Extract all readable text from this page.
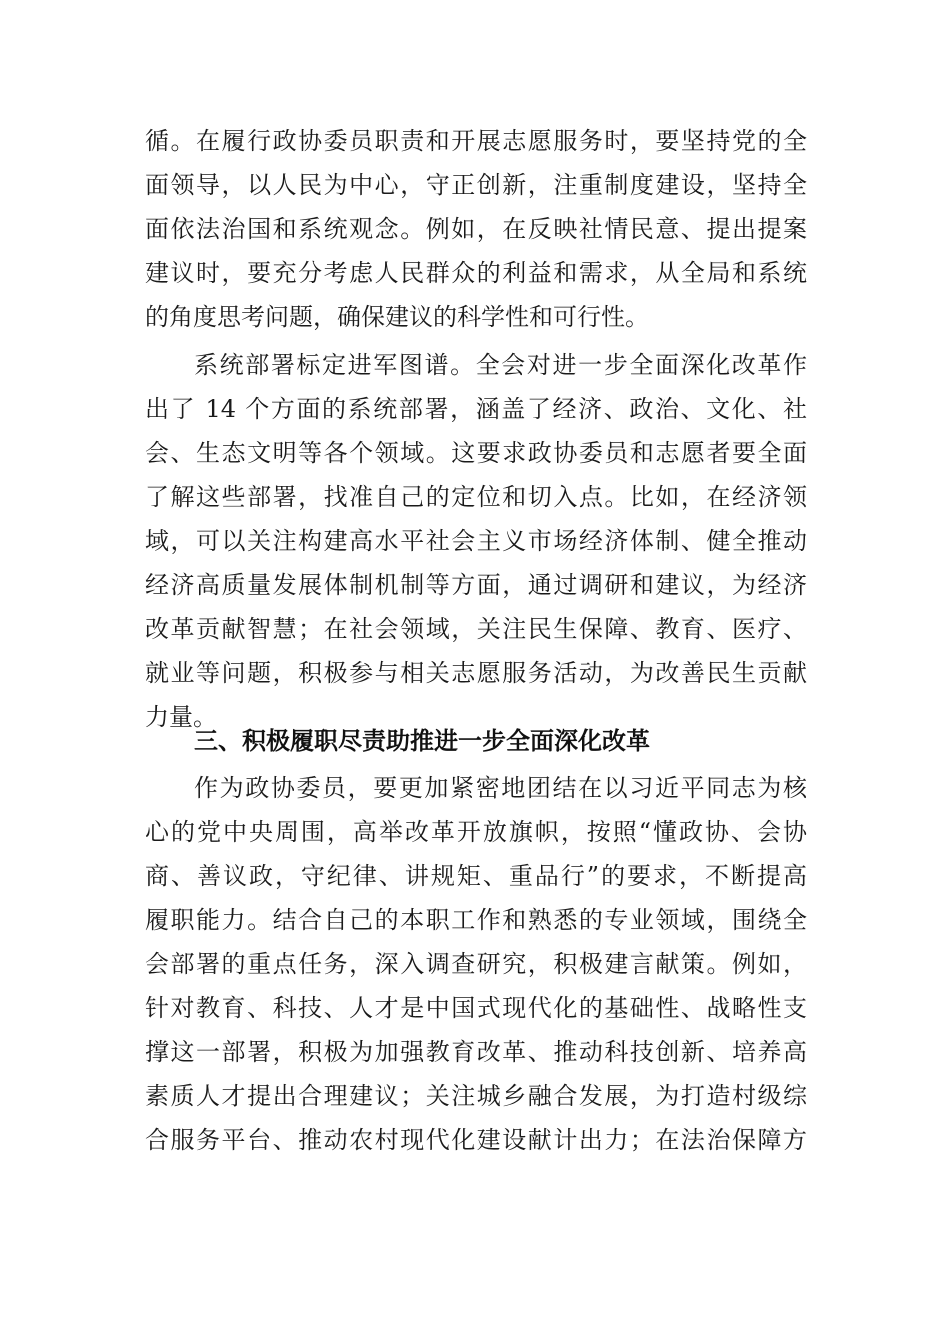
循。在履行政协委员职责和开展志愿服务时，要坚持党的全
面领导，以人民为中心，守正创新，注重制度建设，坚持全
面依法治国和系统观念。例如，在反映社情民意、提出提案
建议时，要充分考虑人民群众的利益和需求，从全局和系统
的角度思考问题，确保建议的科学性和可行性。
系统部署标定进军图谱。全会对进一步全面深化改革作
出了 14 个方面的系统部署，涵盖了经济、政治、文化、社
会、生态文明等各个领域。这要求政协委员和志愿者要全面
了解这些部署，找准自己的定位和切入点。比如，在经济领
域，可以关注构建高水平社会主义市场经济体制、健全推动
经济高质量发展体制机制等方面，通过调研和建议，为经济
改革贡献智慧；在社会领域，关注民生保障、教育、医疗、
就业等问题，积极参与相关志愿服务活动，为改善民生贡献
力量。
三、积极履职尽责助推进一步全面深化改革
作为政协委员，要更加紧密地团结在以习近平同志为核
心的党中央周围，高举改革开放旗帜，按照“懂政协、会协
商、善议政，守纪律、讲规矩、重品行”的要求，不断提高
履职能力。结合自己的本职工作和熟悉的专业领域，围绕全
会部署的重点任务，深入调查研究，积极建言献策。例如，
针对教育、科技、人才是中国式现代化的基础性、战略性支
撑这一部署，积极为加强教育改革、推动科技创新、培养高
素质人才提出合理建议；关注城乡融合发展，为打造村级综
合服务平台、推动农村现代化建设献计出力；在法治保障方
